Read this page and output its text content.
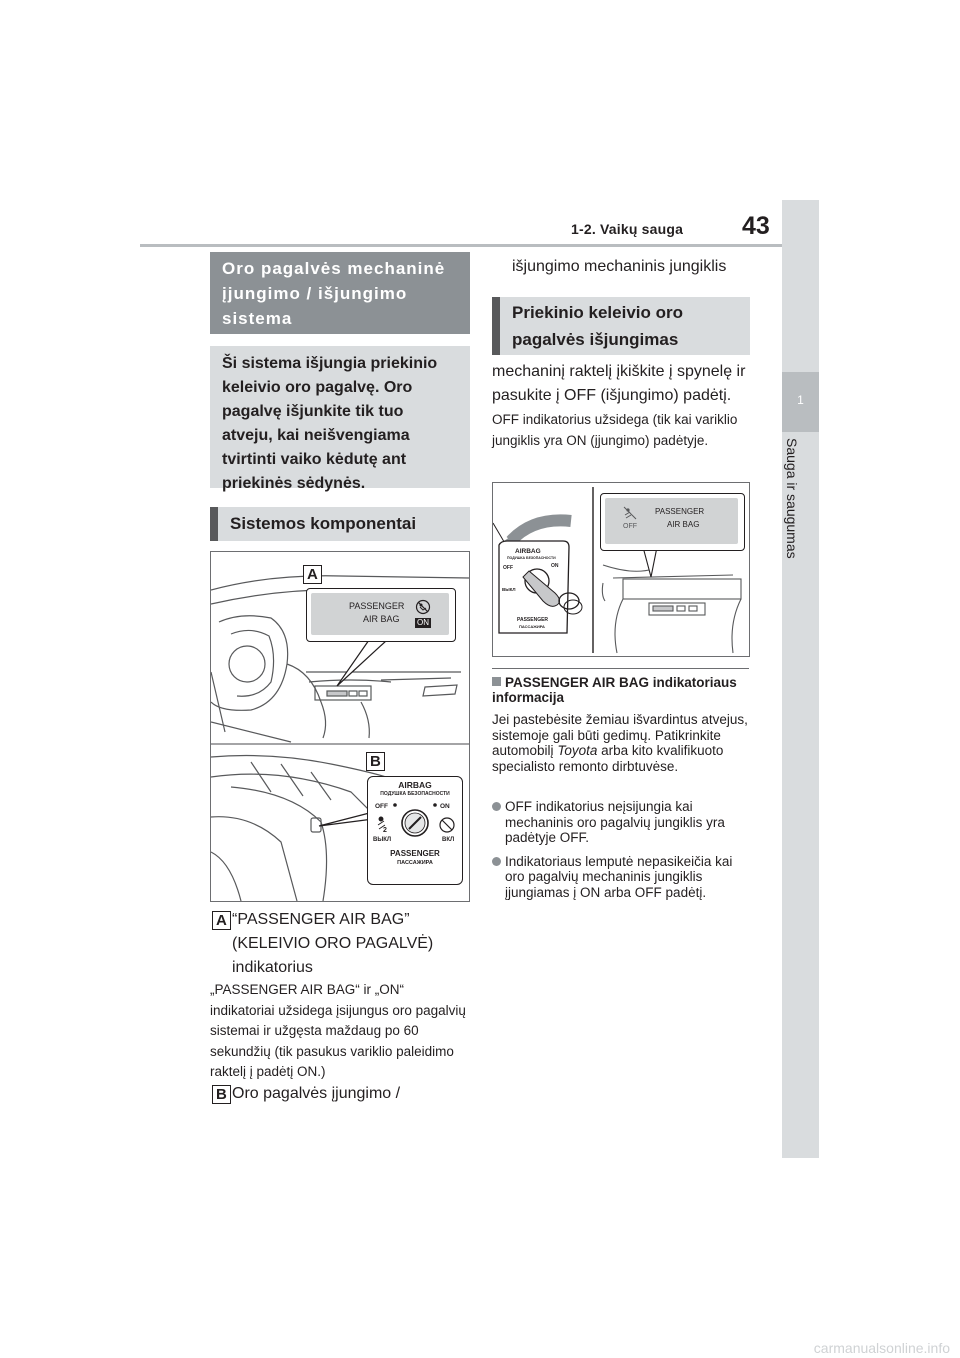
1-2. Vaikų sauga 43
1
Sauga ir saugumas
Oro pagalvės mechaninė įjungimo / išjungimo sistema
Ši sistema išjungia priekinio keleivio oro pagalvę. Oro pagalvę išjunkite tik tuo atveju, kai neišvengiama tvirtinti vaiko kėdutę ant priekinės sėdynės.
Sistemos komponentai
A
PASSENGER
AIR BAG ON
B
AIRBAG
ПОДУШКА БЕЗОПАСНОСТИ
OFF	ON
2
ВЫКЛ	ВКЛ
PASSENGER
ПАССАЖИРА
A “PASSENGER AIR BAG” (KELEIVIO ORO PAGALVĖ) indikatorius
„PASSENGER AIR BAG“ ir „ON“ indikatoriai užsidega įsijungus oro pagalvių sistemai ir užgęsta maždaug po 60 sekundžių (tik pasukus variklio paleidimo raktelį į padėtį ON.)
B Oro pagalvės įjungimo /
išjungimo mechaninis jungiklis
Priekinio keleivio oro pagalvės išjungimas
mechaninį raktelį įkiškite į spynelę ir pasukite į OFF (išjungimo) padėtį.
OFF indikatorius užsidega (tik kai variklio jungiklis yra ON (įjungimo) padėtyje.
PASSENGER
AIR BAG
OFF
AIRBAG
ПОДУШКА БЕЗОПАСНОСТИ
OFF	ON
ВЫКЛ
PASSENGER
ПАССАЖИРА
PASSENGER AIR BAG indikatoriaus informacija
Jei pastebėsite žemiau išvardintus atvejus, sistemoje gali būti gedimų. Patikrinkite automobilį Toyota arba kito kvalifikuoto specialisto remonto dirbtuvėse.
OFF indikatorius neįsijungia kai mechaninis oro pagalvių jungiklis yra padėtyje OFF.
Indikatoriaus lemputė nepasikeičia kai oro pagalvių mechaninis jungiklis įjungiamas į ON arba OFF padėtį.
carmanualsonline.info
